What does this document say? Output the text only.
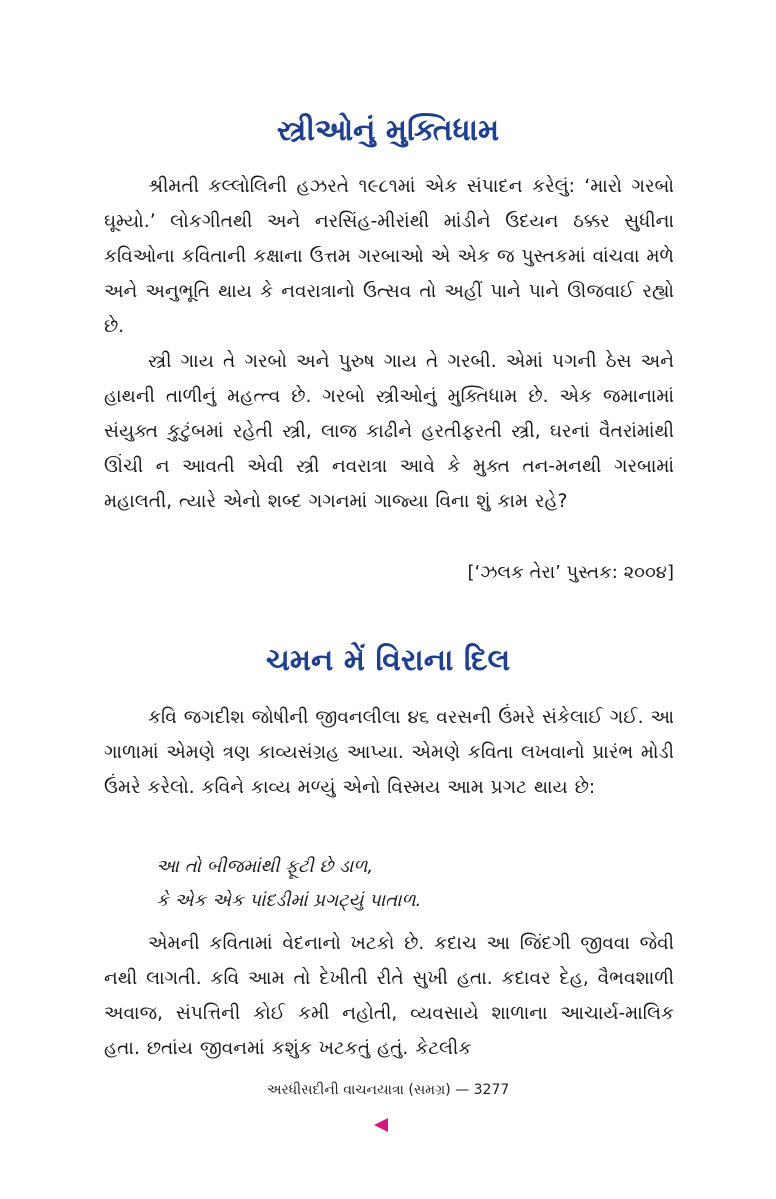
સ્ત્રીઓનું મુક્તિધામ

શ્રીમતી કલ્લોલિની હઝરતે ૧૯૮૧માં એક સંપાદન કરેલું: ‘મારો ગરબો ઘૂમ્યો.’ લોકગીતથી અને નરસિંહ-મીરાંથી માંડીને ઉદયન ઠક્કર સુધીના કવિઓના કવિતાની કક્ષાના ઉત્તમ ગરબાઓ એ એક જ પુસ્તકમાં વાંચવા મળે અને અનુભૂતિ થાય કે નવરાત્રાનો ઉત્સવ તો અહીં પાને પાને ઊજવાઈ રહ્યો છે.

સ્ત્રી ગાય તે ગરબો અને પુરુષ ગાય તે ગરબી. એમાં પગની ઠેસ અને હાથની તાળીનું મહત્ત્વ છે. ગરબો સ્ત્રીઓનું મુક્તિધામ છે. એક જમાનામાં સંયુક્ત કુટુંબમાં રહેતી સ્ત્રી, લાજ કાઢીને હરતીફરતી સ્ત્રી, ઘરનાં વૈતરાંમાંથી ઊંચી ન આવતી એવી સ્ત્રી નવરાત્રા આવે કે મુક્ત તન-મનથી ગરબામાં મહાલતી, ત્યારે એનો શબ્દ ગગનમાં ગાજ્યા વિના શું કામ રહે?

[‘ઝલક તેરા’ પુસ્તક: ૨૦૦૪]

ચમન મેં વિરાના દિલ

કવિ જગદીશ જોષીની જીવનલીલા ૪૬ વરસની ઉંમરે સંકેલાઈ ગઈ. આ ગાળામાં એમણે ત્રણ કાવ્યસંગ્રહ આપ્યા. એમણે કવિતા લખવાનો પ્રારંભ મોડી ઉંમરે કરેલો. કવિને કાવ્ય મળ્યું એનો વિસ્મય આમ પ્રગટ થાય છે:

આ તો બીજમાંથી ફૂટી છે ડાળ,
કે એક એક પાંદડીમાં પ્રગટ્યું પાતાળ.

એમની કવિતામાં વેદનાનો ખટકો છે. કદાચ આ જિંદગી જીવવા જેવી નથી લાગતી. કવિ આમ તો દેખીતી રીતે સુખી હતા. કદાવર દેહ, વૈભવશાળી અવાજ, સંપત્તિની કોઈ કમી નહોતી, વ્યવસાયે શાળાના આચાર્ય-માલિક હતા. છતાંય જીવનમાં કશુંક ખટકતું હતું. કેટલીક

અરધીસદીની વાચનયાત્રા (સમગ્ર) — 3277
